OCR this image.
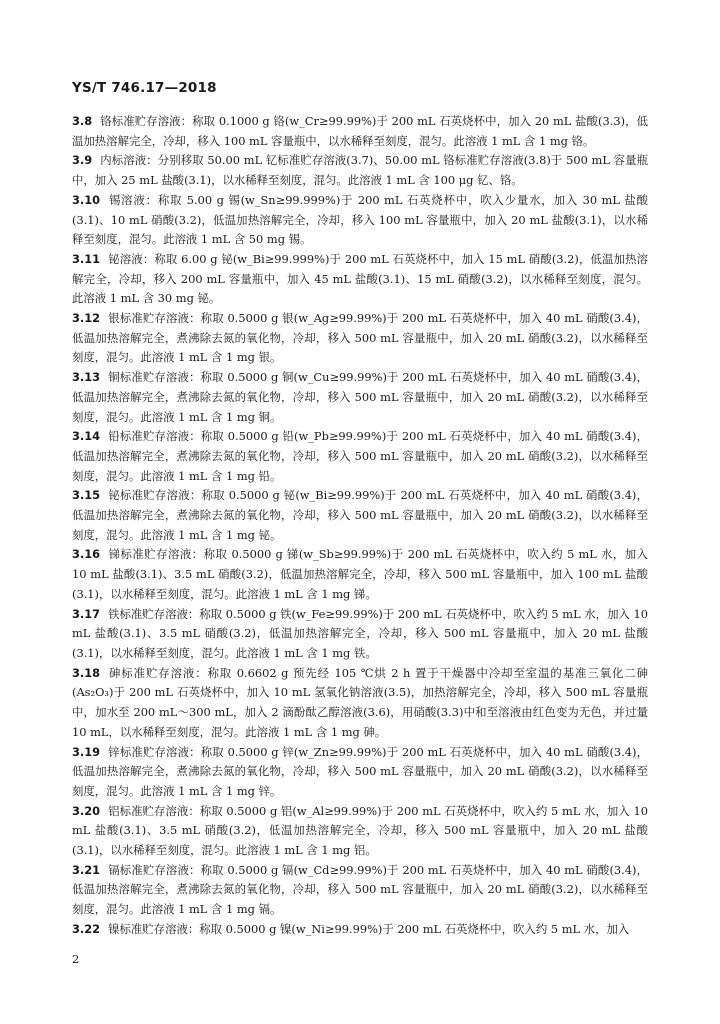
YS/T 746.17—2018

3.8 铬标准贮存溶液：称取 0.1000 g 铬(w_Cr≥99.99%)于 200 mL 石英烧杯中，加入 20 mL 盐酸(3.3)，低温加热溶解完全，冷却，移入 100 mL 容量瓶中，以水稀释至刻度，混匀。此溶液 1 mL 含 1 mg 铬。

3.9 内标溶液：分别移取 50.00 mL 钇标准贮存溶液(3.7)、50.00 mL 铬标准贮存溶液(3.8)于 500 mL 容量瓶中，加入 25 mL 盐酸(3.1)，以水稀释至刻度，混匀。此溶液 1 mL 含 100 μg 钇、铬。

3.10 锡溶液：称取 5.00 g 锡(w_Sn≥99.999%)于 200 mL 石英烧杯中，吹入少量水，加入 30 mL 盐酸(3.1)、10 mL 硝酸(3.2)，低温加热溶解完全，冷却，移入 100 mL 容量瓶中，加入 20 mL 盐酸(3.1)，以水稀释至刻度，混匀。此溶液 1 mL 含 50 mg 锡。

3.11 铋溶液：称取 6.00 g 铋(w_Bi≥99.999%)于 200 mL 石英烧杯中，加入 15 mL 硝酸(3.2)，低温加热溶解完全，冷却，移入 200 mL 容量瓶中，加入 45 mL 盐酸(3.1)、15 mL 硝酸(3.2)，以水稀释至刻度，混匀。此溶液 1 mL 含 30 mg 铋。

3.12 银标准贮存溶液：称取 0.5000 g 银(w_Ag≥99.99%)于 200 mL 石英烧杯中，加入 40 mL 硝酸(3.4)，低温加热溶解完全，煮沸除去氮的氧化物，冷却，移入 500 mL 容量瓶中，加入 20 mL 硝酸(3.2)，以水稀释至刻度，混匀。此溶液 1 mL 含 1 mg 银。

3.13 铜标准贮存溶液：称取 0.5000 g 铜(w_Cu≥99.99%)于 200 mL 石英烧杯中，加入 40 mL 硝酸(3.4)，低温加热溶解完全，煮沸除去氮的氧化物，冷却，移入 500 mL 容量瓶中，加入 20 mL 硝酸(3.2)，以水稀释至刻度，混匀。此溶液 1 mL 含 1 mg 铜。

3.14 铅标准贮存溶液：称取 0.5000 g 铅(w_Pb≥99.99%)于 200 mL 石英烧杯中，加入 40 mL 硝酸(3.4)，低温加热溶解完全，煮沸除去氮的氧化物，冷却，移入 500 mL 容量瓶中，加入 20 mL 硝酸(3.2)，以水稀释至刻度，混匀。此溶液 1 mL 含 1 mg 铅。

3.15 铋标准贮存溶液：称取 0.5000 g 铋(w_Bi≥99.99%)于 200 mL 石英烧杯中，加入 40 mL 硝酸(3.4)，低温加热溶解完全，煮沸除去氮的氧化物，冷却，移入 500 mL 容量瓶中，加入 20 mL 硝酸(3.2)，以水稀释至刻度，混匀。此溶液 1 mL 含 1 mg 铋。

3.16 锑标准贮存溶液：称取 0.5000 g 锑(w_Sb≥99.99%)于 200 mL 石英烧杯中，吹入约 5 mL 水，加入 10 mL 盐酸(3.1)、3.5 mL 硝酸(3.2)，低温加热溶解完全，冷却，移入 500 mL 容量瓶中，加入 100 mL 盐酸(3.1)，以水稀释至刻度，混匀。此溶液 1 mL 含 1 mg 锑。

3.17 铁标准贮存溶液：称取 0.5000 g 铁(w_Fe≥99.99%)于 200 mL 石英烧杯中，吹入约 5 mL 水，加入 10 mL 盐酸(3.1)、3.5 mL 硝酸(3.2)，低温加热溶解完全，冷却，移入 500 mL 容量瓶中，加入 20 mL 盐酸(3.1)，以水稀释至刻度，混匀。此溶液 1 mL 含 1 mg 铁。

3.18 砷标准贮存溶液：称取 0.6602 g 预先经 105 ℃烘 2 h 置于干燥器中冷却至室温的基准三氧化二砷(As₂O₃)于 200 mL 石英烧杯中，加入 10 mL 氢氧化钠溶液(3.5)，加热溶解完全，冷却，移入 500 mL 容量瓶中，加水至 200 mL～300 mL，加入 2 滴酚酞乙醇溶液(3.6)，用硝酸(3.3)中和至溶液由红色变为无色，并过量 10 mL，以水稀释至刻度，混匀。此溶液 1 mL 含 1 mg 砷。

3.19 锌标准贮存溶液：称取 0.5000 g 锌(w_Zn≥99.99%)于 200 mL 石英烧杯中，加入 40 mL 硝酸(3.4)，低温加热溶解完全，煮沸除去氮的氧化物，冷却，移入 500 mL 容量瓶中，加入 20 mL 硝酸(3.2)，以水稀释至刻度，混匀。此溶液 1 mL 含 1 mg 锌。

3.20 铝标准贮存溶液：称取 0.5000 g 铝(w_Al≥99.99%)于 200 mL 石英烧杯中，吹入约 5 mL 水，加入 10 mL 盐酸(3.1)、3.5 mL 硝酸(3.2)，低温加热溶解完全，冷却，移入 500 mL 容量瓶中，加入 20 mL 盐酸(3.1)，以水稀释至刻度，混匀。此溶液 1 mL 含 1 mg 铝。

3.21 镉标准贮存溶液：称取 0.5000 g 镉(w_Cd≥99.99%)于 200 mL 石英烧杯中，加入 40 mL 硝酸(3.4)，低温加热溶解完全，煮沸除去氮的氧化物，冷却，移入 500 mL 容量瓶中，加入 20 mL 硝酸(3.2)，以水稀释至刻度，混匀。此溶液 1 mL 含 1 mg 镉。

3.22 镍标准贮存溶液：称取 0.5000 g 镍(w_Ni≥99.99%)于 200 mL 石英烧杯中，吹入约 5 mL 水，加入

2
